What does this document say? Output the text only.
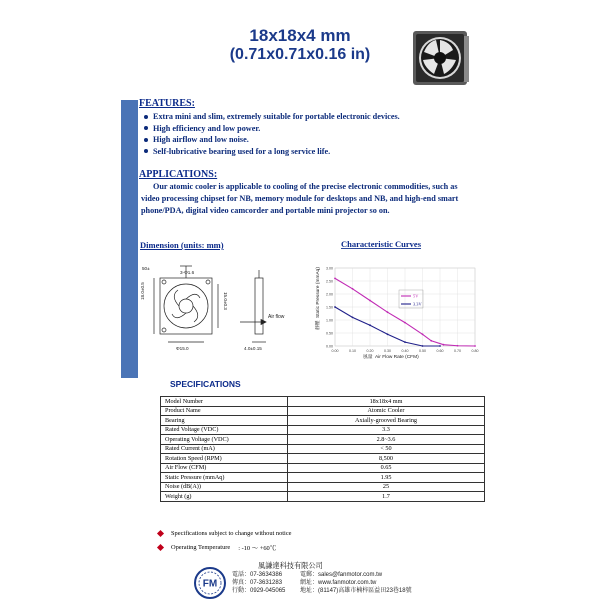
18x18x4 mm
(0.71x0.71x0.16 in)
AC Axial Fan
FEATURES:
Extra mini and slim, extremely suitable for portable electronic devices.
High efficiency and low power.
High airflow and low noise.
Self-lubricative bearing used for a long service life.
APPLICATIONS:
Our atomic cooler is applicable to cooling of the precise electronic commodities, such as video processing chipset for NB, memory module for desktops and NB, and high-end smart phone/PDA, digital video camcorder and portable mini projector so on.
Dimension (units: mm)
3-Φ1.6
18.0±0.5
15.0±0.3
Φ15.0	4.0±0.15
Air flow
50±
Characteristic Curves
0.00	0.10	0.20	0.30	0.40	0.50	0.60	0.70	0.80
0.00
0.50
1.00
1.50
2.00
2.50
3.00
靜壓
Static Pressure (mmAq)
風量 Air Flow Rate (CFM)
5V
3.3V
SPECIFICATIONS
Model Number	18x18x4 mm
Product Name	Atomic Cooler
Bearing	Axially-grooved Bearing
Rated Voltage (VDC)	3.3
Operating Voltage (VDC)	2.8~3.6
Rated Current (mA)	< 50
Rotation Speed (RPM)	8,500
Air Flow (CFM)	0.65
Static Pressure (mmAq)	1.95
Noise (dB(A))	25
Weight (g)	1.7
Specifications subject to change without notice
Operating Temperature : -10 ～ +60℃
FM
風謙達科技有限公司
電話：07-3634386
傳真：07-3631283
行動：0929-045065
電郵：sales@fanmotor.com.tw
網址：www.fanmotor.com.tw
地址：(81147)高雄市楠梓區益田23巷18號
